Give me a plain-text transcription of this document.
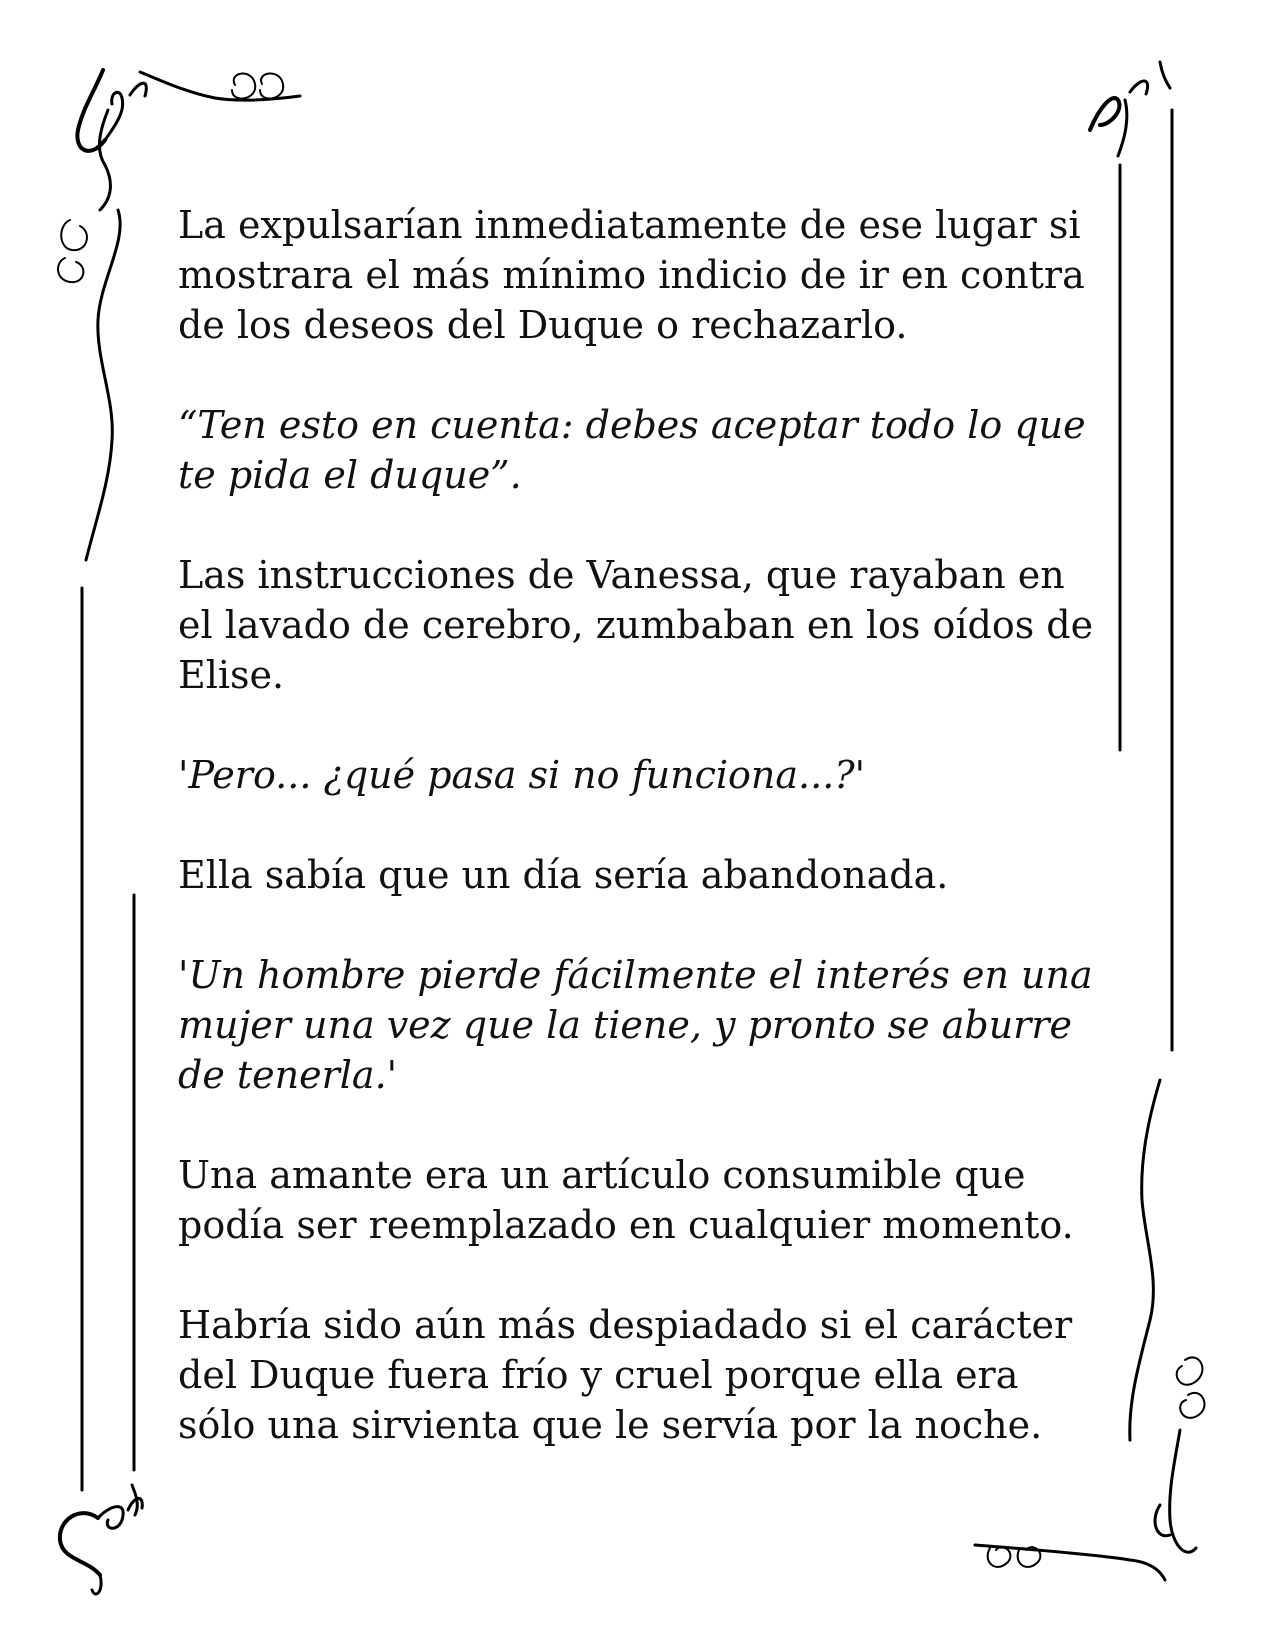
La expulsarían inmediatamente de ese lugar si mostrara el más mínimo indicio de ir en contra de los deseos del Duque o rechazarlo.

“Ten esto en cuenta: debes aceptar todo lo que te pida el duque”.

Las instrucciones de Vanessa, que rayaban en el lavado de cerebro, zumbaban en los oídos de Elise.

'Pero... ¿qué pasa si no funciona...?'

Ella sabía que un día sería abandonada.

'Un hombre pierde fácilmente el interés en una mujer una vez que la tiene, y pronto se aburre de tenerla.'

Una amante era un artículo consumible que podía ser reemplazado en cualquier momento.

Habría sido aún más despiadado si el carácter del Duque fuera frío y cruel porque ella era sólo una sirvienta que le servía por la noche.
